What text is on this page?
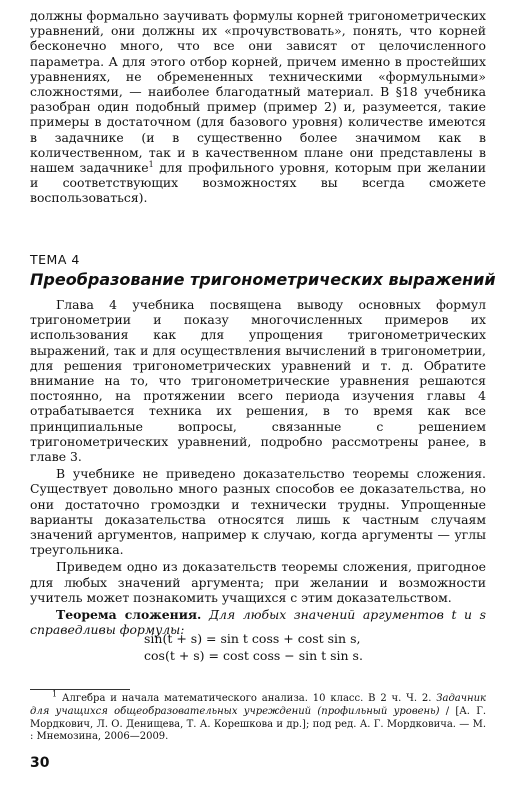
должны формально заучивать формулы корней тригонометрических уравнений, они должны их «прочувствовать», понять, что корней бесконечно много, что все они зависят от целочисленного параметра. А для этого отбор корней, причем именно в простейших уравнениях, не обремененных техническими «формульными» сложностями, — наиболее благодатный материал. В §18 учебника разобран один подобный пример (пример 2) и, разумеется, такие примеры в достаточном (для базового уровня) количестве имеются в задачнике (и в существенно более значимом как в количественном, так и в качественном плане они представлены в нашем задачнике$^1$ для профильного уровня, которым при желании и соответствующих возможностях вы всегда сможете воспользоваться).

ТЕМА 4
Преобразование тригонометрических выражений

Глава 4 учебника посвящена выводу основных формул тригонометрии и показу многочисленных примеров их использования как для упрощения тригонометрических выражений, так и для осуществления вычислений в тригонометрии, для решения тригонометрических уравнений и т. д. Обратите внимание на то, что тригонометрические уравнения решаются постоянно, на протяжении всего периода изучения главы 4 отрабатывается техника их решения, в то время как все принципиальные вопросы, связанные с решением тригонометрических уравнений, подробно рассмотрены ранее, в главе 3.

В учебнике не приведено доказательство теоремы сложения. Существует довольно много разных способов ее доказательства, но они достаточно громоздки и технически трудны. Упрощенные варианты доказательства относятся лишь к частным случаям значений аргументов, например к случаю, когда аргументы — углы треугольника.

Приведем одно из доказательств теоремы сложения, пригодное для любых значений аргумента; при желании и возможности учитель может познакомить учащихся с этим доказательством.

Теорема сложения. Для любых значений аргументов t и s справедливы формулы:

sin(t + s) = sin t coss + cost sin s,
cos(t + s) = cost coss − sin t sin s.

$^1$ Алгебра и начала математического анализа. 10 класс. В 2 ч. Ч. 2. Задачник для учащихся общеобразовательных учреждений (профильный уровень) / [А. Г. Мордкович, Л. О. Денищева, Т. А. Корешкова и др.]; под ред. А. Г. Мордковича. — М. : Мнемозина, 2006—2009.

30
